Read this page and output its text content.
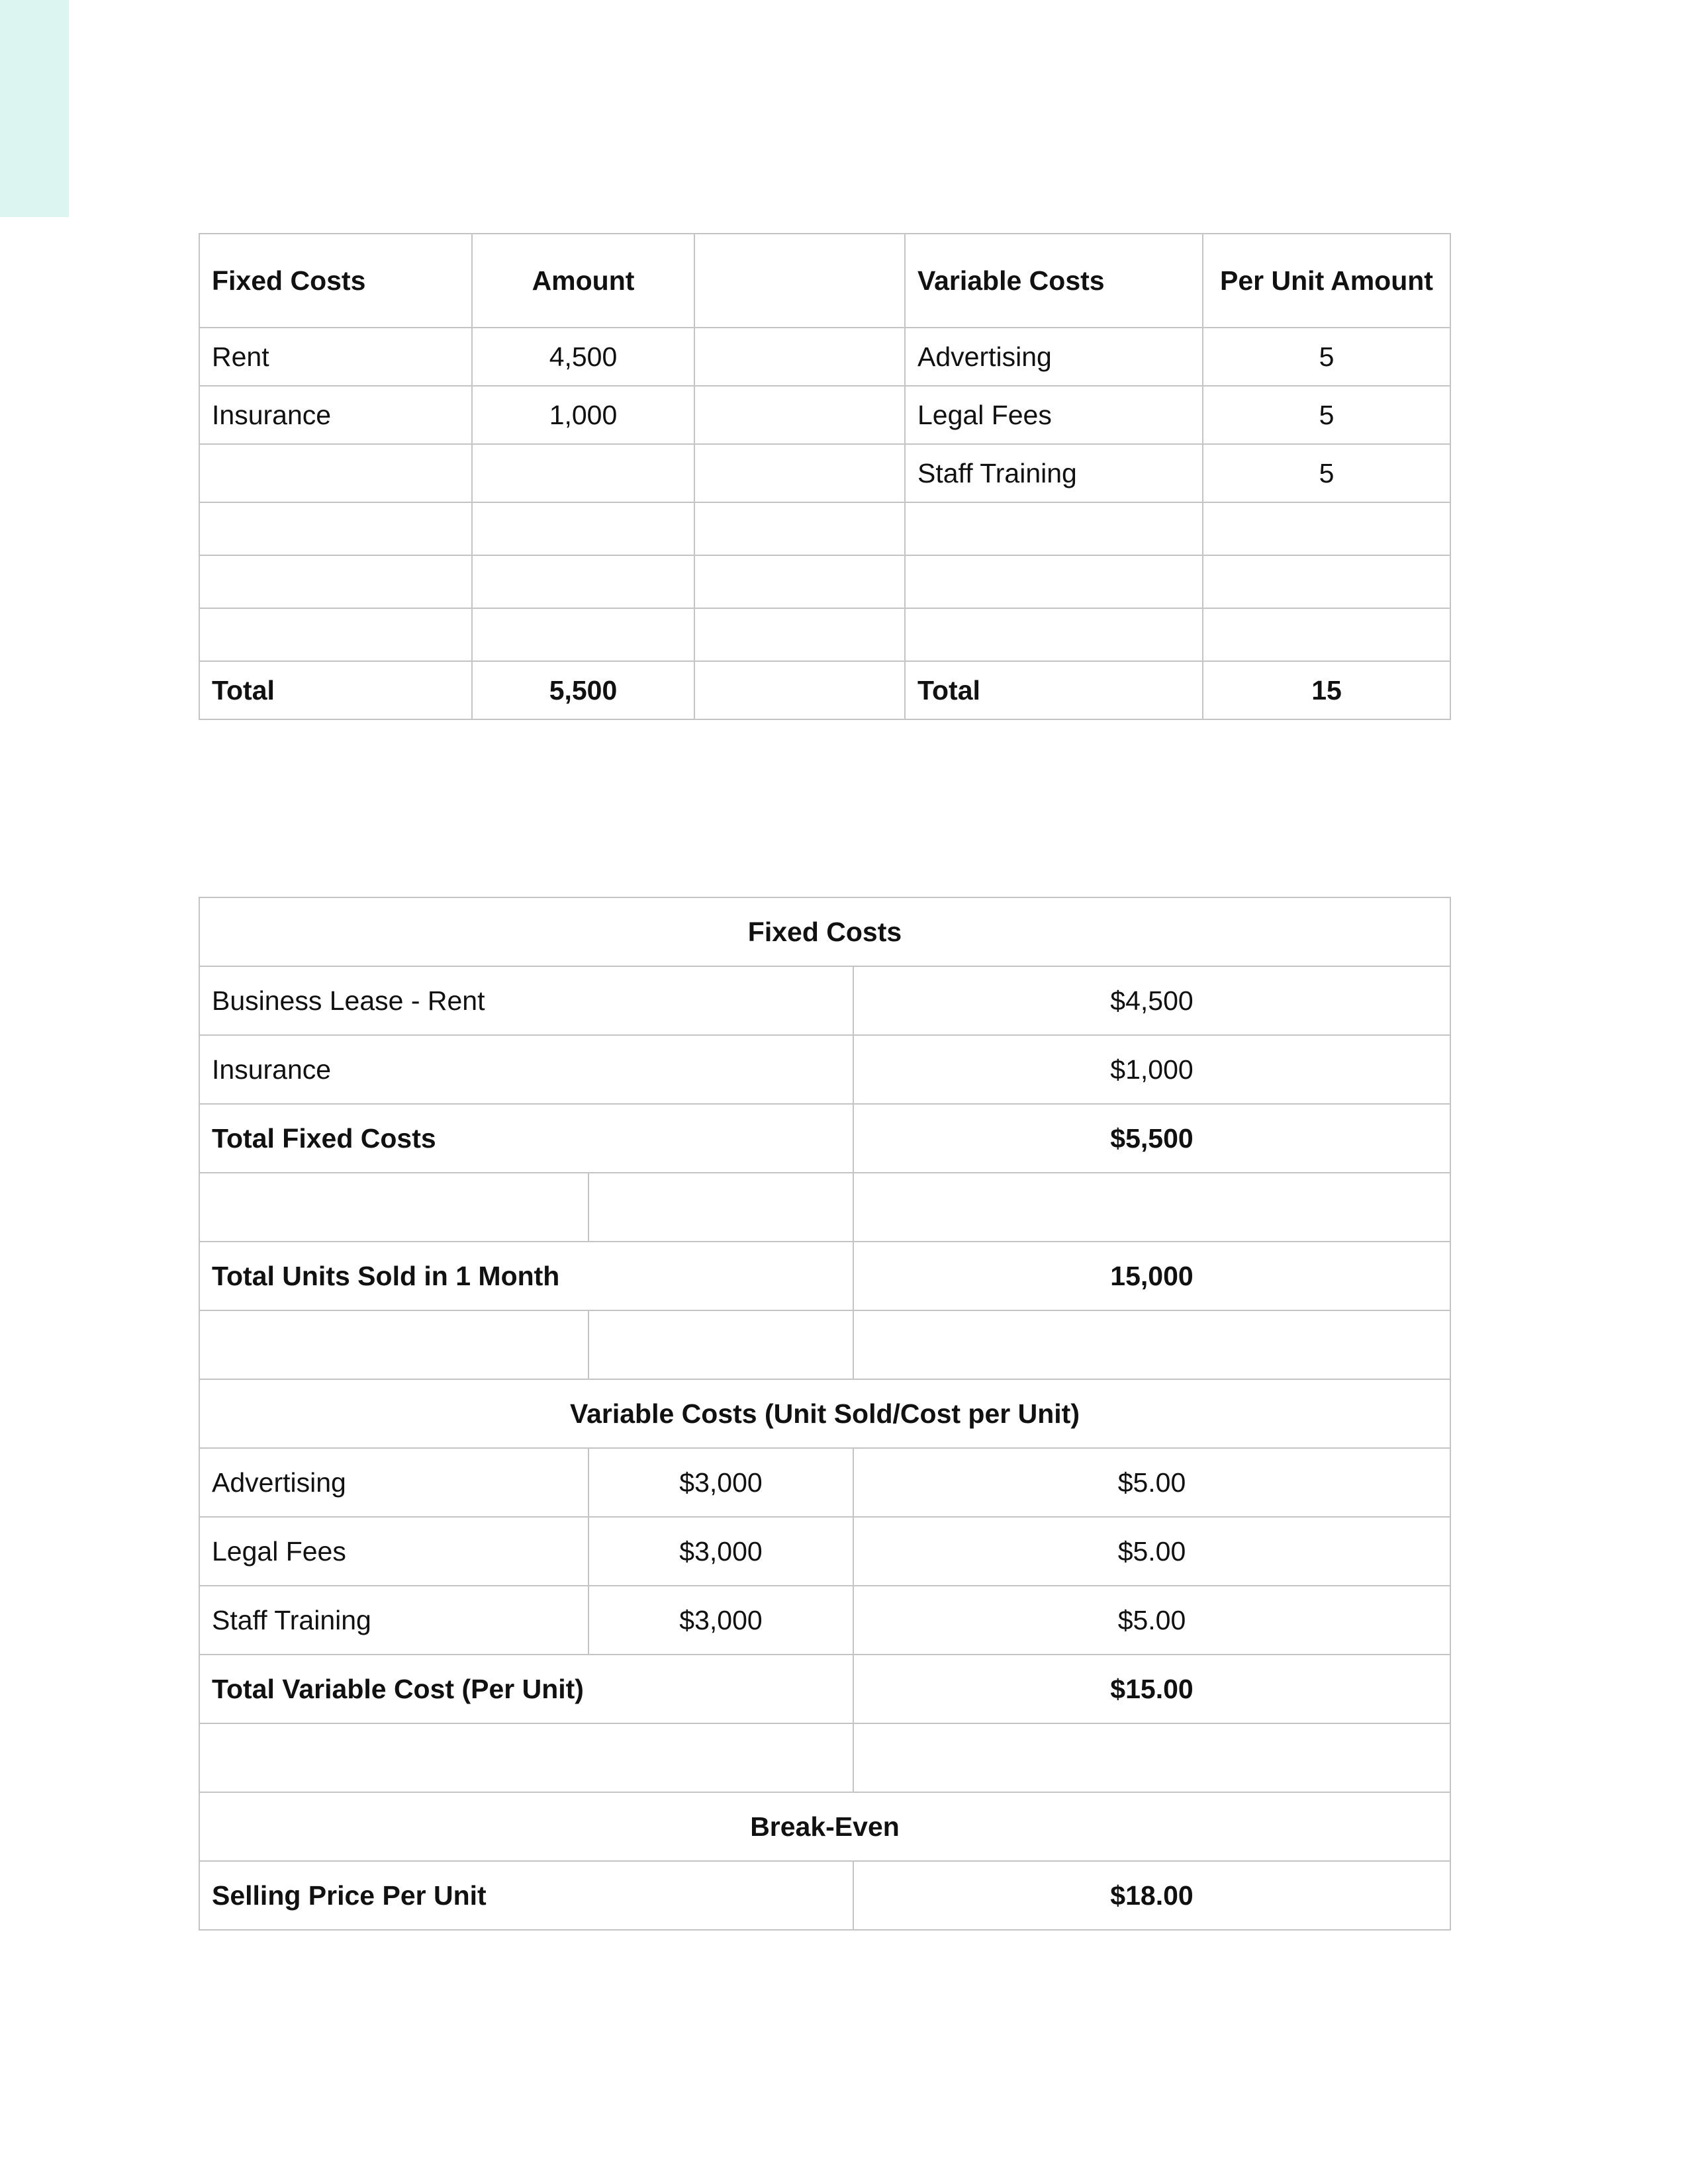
Fixed Costs	Amount		Variable Costs	Per Unit Amount
Rent	4,500		Advertising	5
Insurance	1,000		Legal Fees	5
			Staff Training	5

Total	5,500		Total	15
Fixed Costs		
Business Lease - Rent		$4,500
Insurance		$1,000
Total Fixed Costs		$5,500

Total Units Sold in 1 Month		15,000

Variable Costs (Unit Sold/Cost per Unit)		
Advertising	$3,000	$5.00
Legal Fees	$3,000	$5.00
Staff Training	$3,000	$5.00
Total Variable Cost (Per Unit)		$15.00

Break-Even		
Selling Price Per Unit		$18.00
